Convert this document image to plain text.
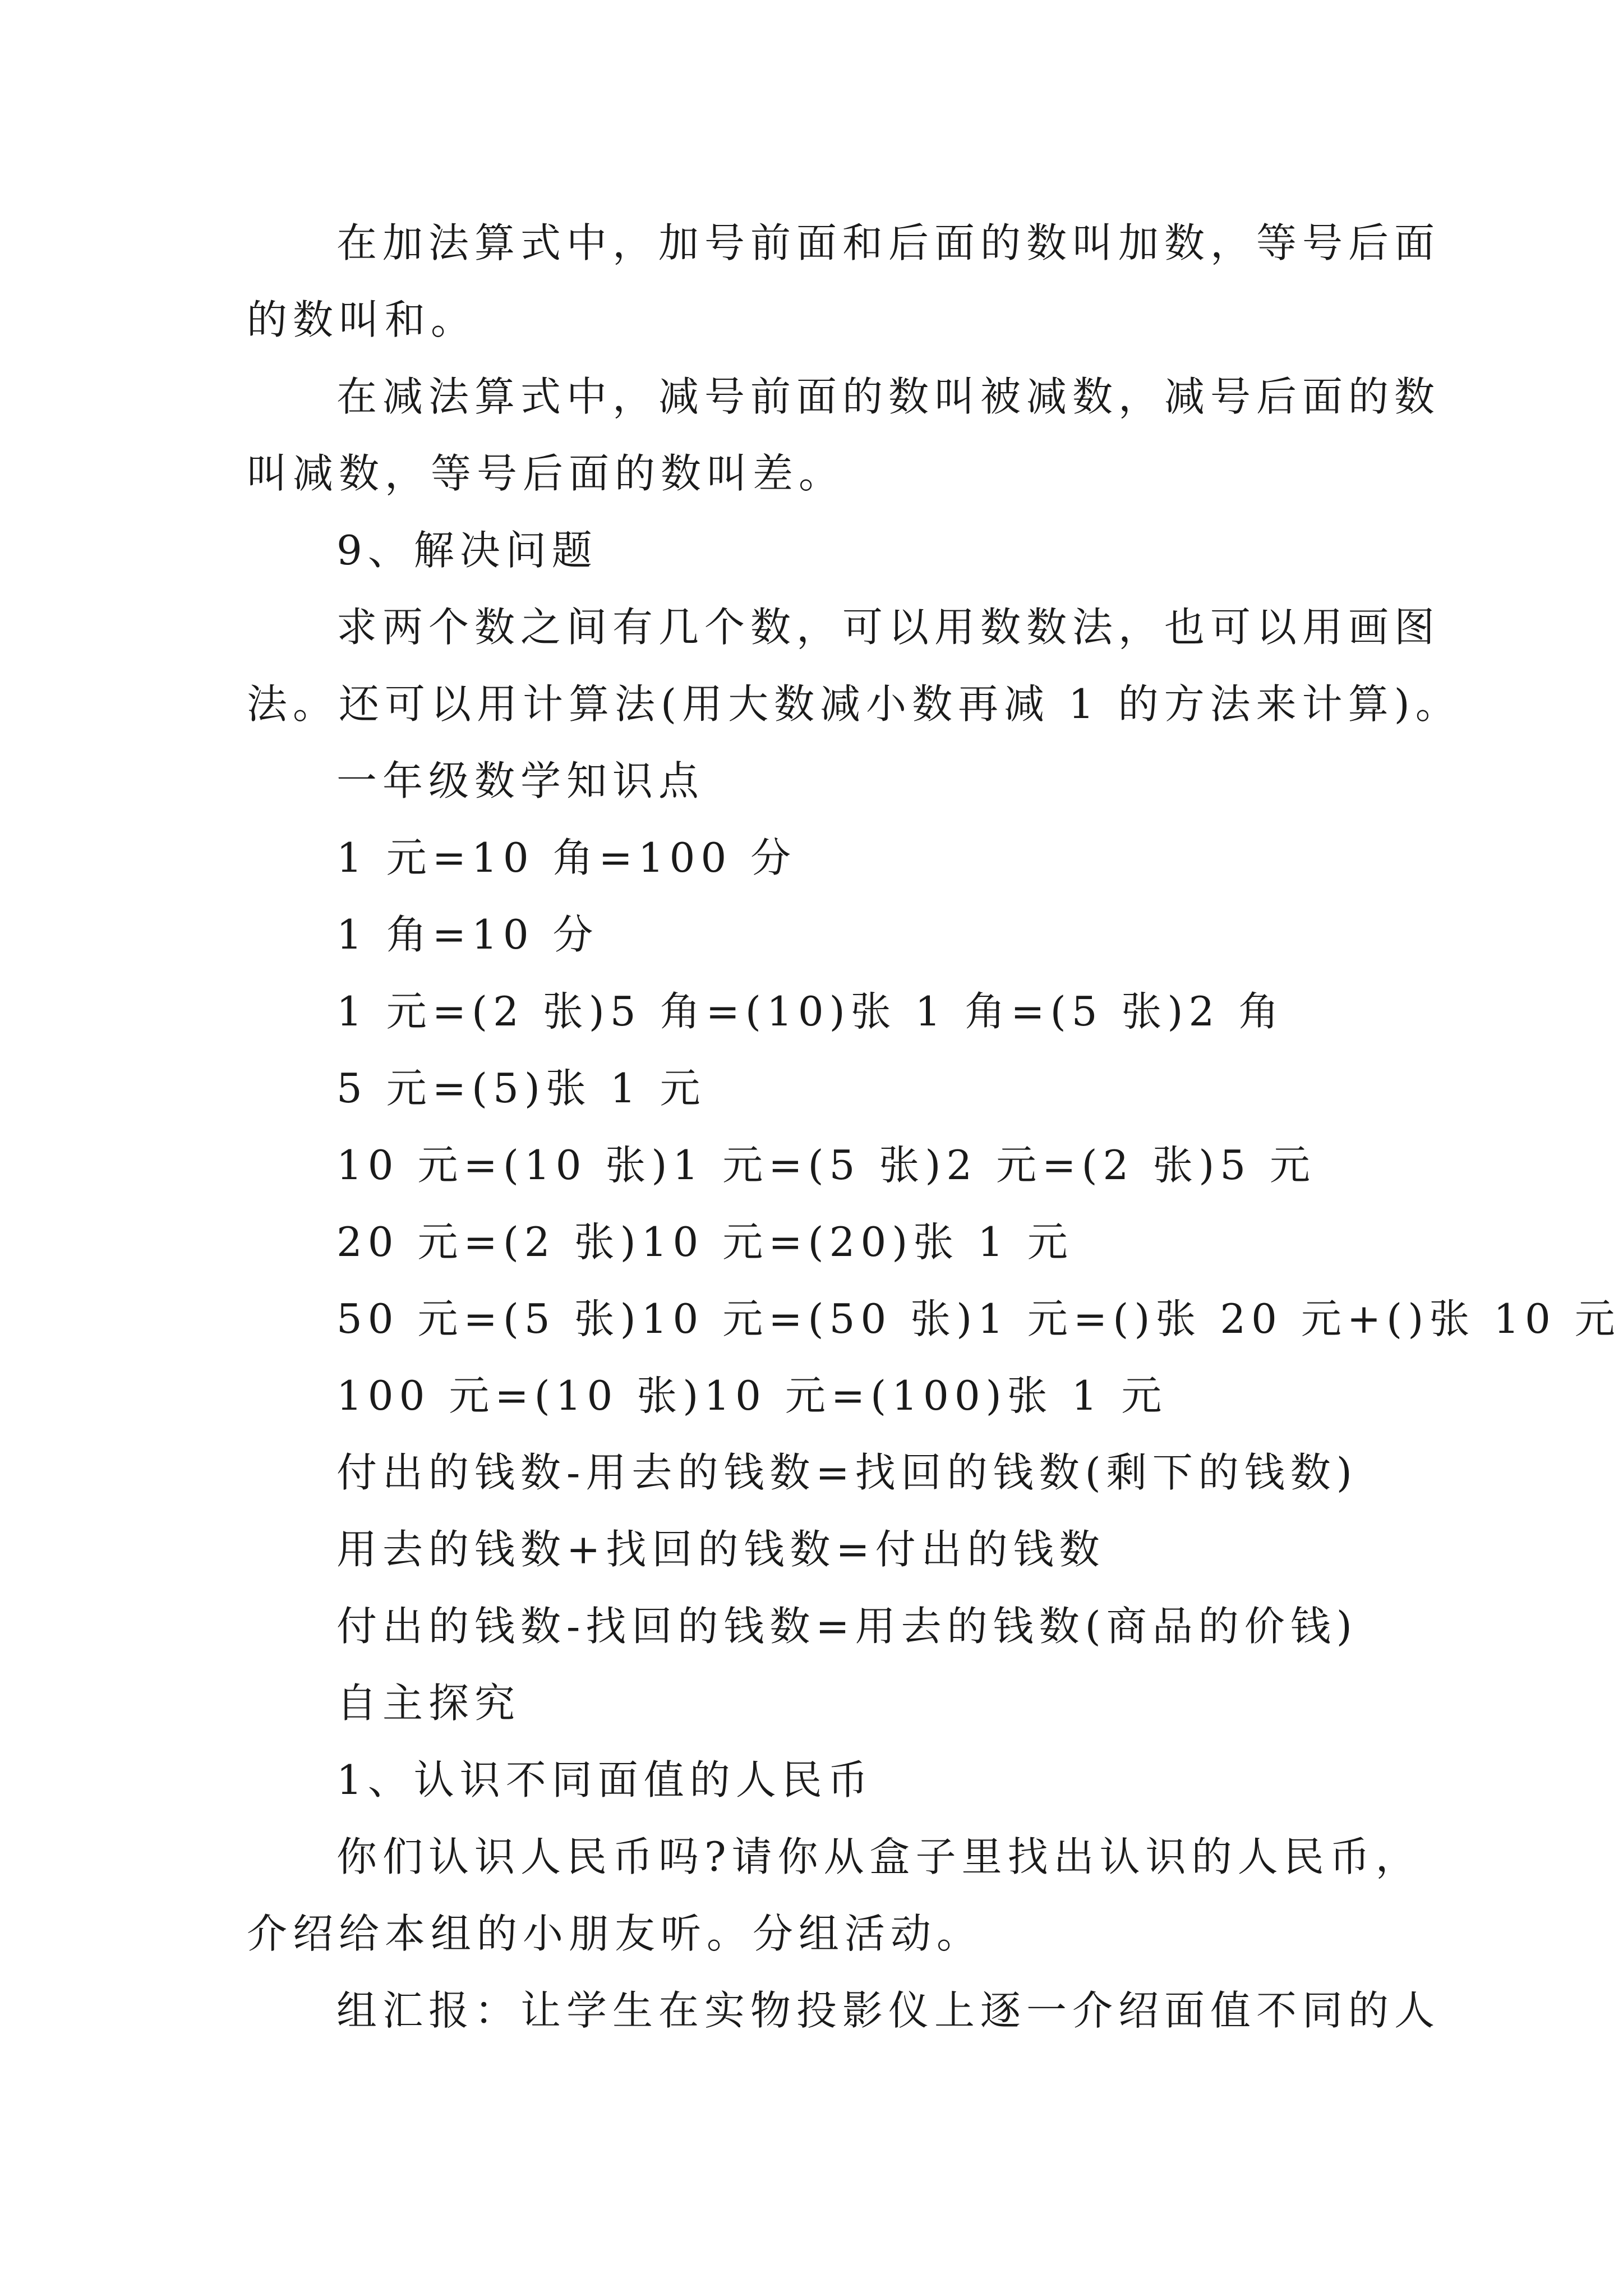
在加法算式中，加号前面和后面的数叫加数，等号后面
的数叫和。

在减法算式中，减号前面的数叫被减数，减号后面的数
叫减数，等号后面的数叫差。

9、解决问题

求两个数之间有几个数，可以用数数法，也可以用画图
法。还可以用计算法(用大数减小数再减 1 的方法来计算)。

一年级数学知识点

1 元=10 角=100 分

1 角=10 分

1 元=(2 张)5 角=(10)张 1 角=(5 张)2 角

5 元=(5)张 1 元

10 元=(10 张)1 元=(5 张)2 元=(2 张)5 元

20 元=(2 张)10 元=(20)张 1 元

50 元=(5 张)10 元=(50 张)1 元=()张 20 元+()张 10 元

100 元=(10 张)10 元=(100)张 1 元

付出的钱数-用去的钱数=找回的钱数(剩下的钱数)

用去的钱数+找回的钱数=付出的钱数

付出的钱数-找回的钱数=用去的钱数(商品的价钱)

自主探究

1、认识不同面值的人民币

你们认识人民币吗?请你从盒子里找出认识的人民币，
介绍给本组的小朋友听。分组活动。

组汇报：让学生在实物投影仪上逐一介绍面值不同的人
